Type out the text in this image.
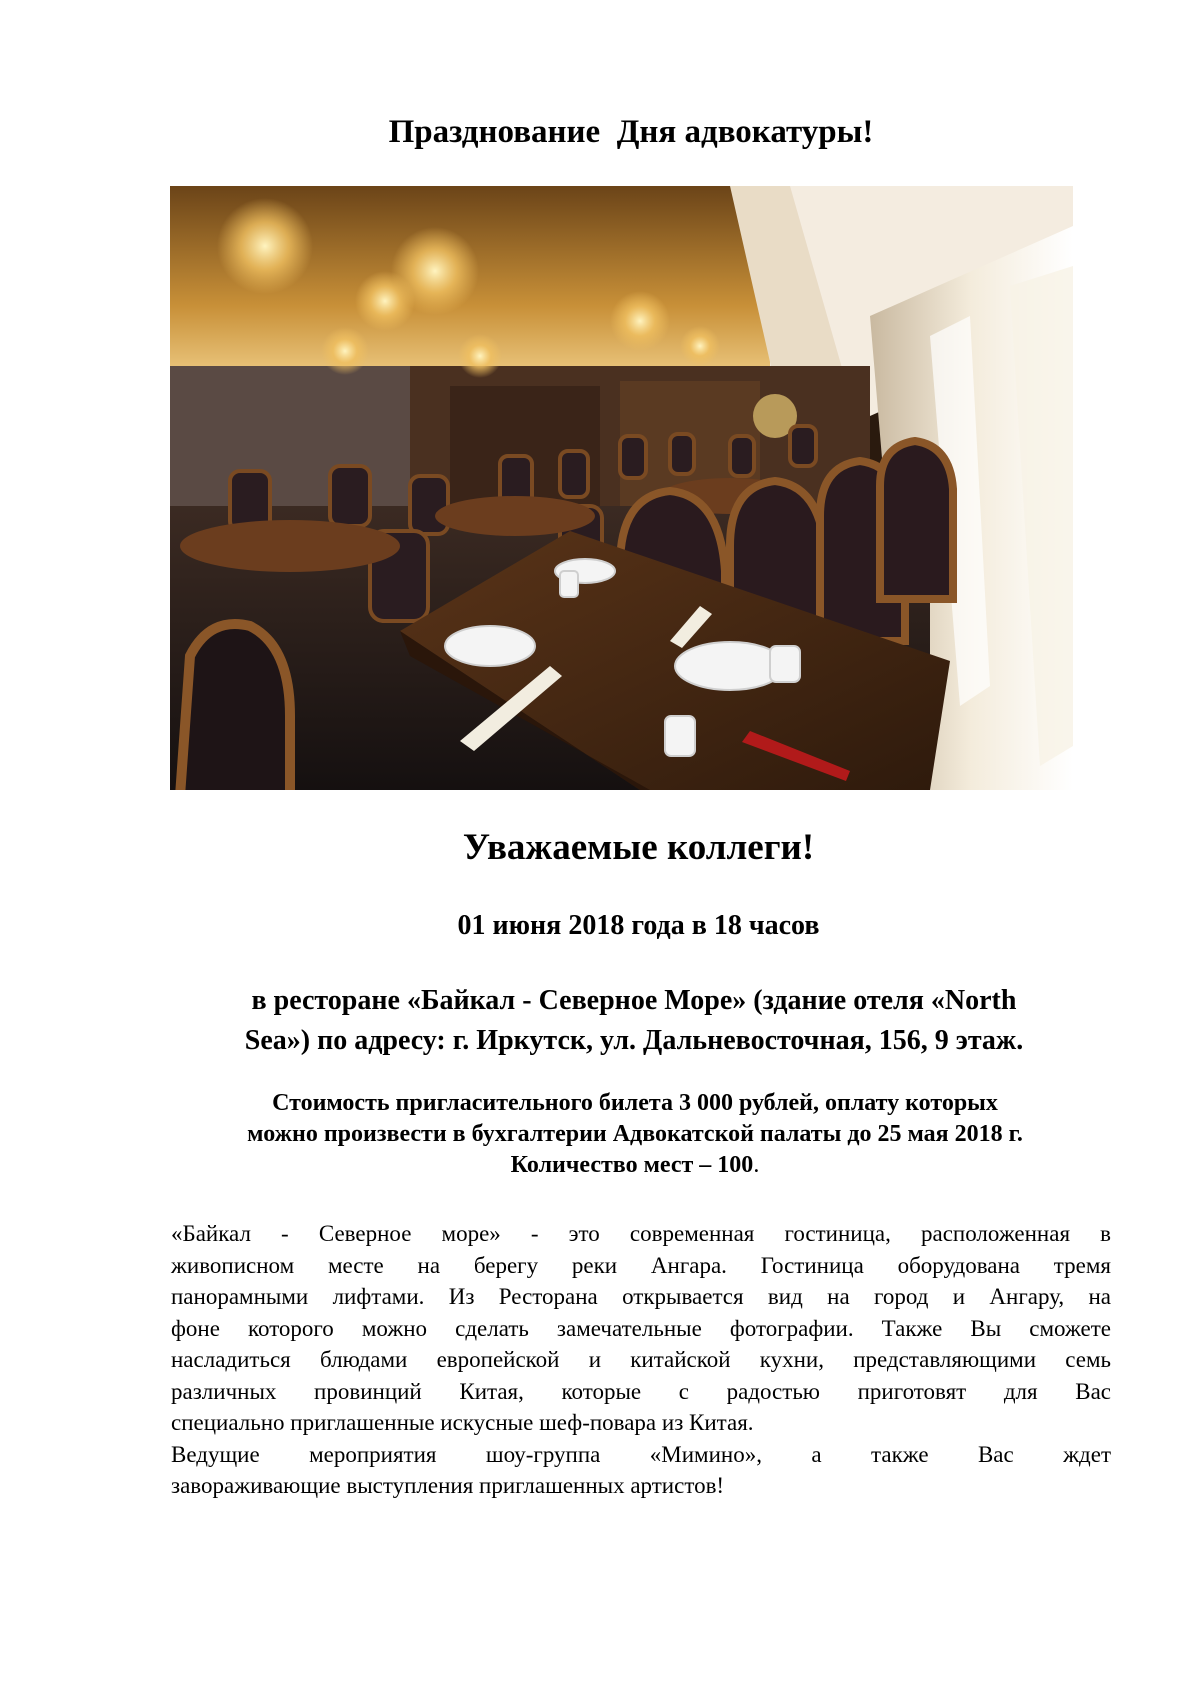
Празднование  Дня адвокатуры!
Уважаемые коллеги!

01 июня 2018 года в 18 часов

в ресторане «Байкал - Северное Море» (здание отеля «North
Sea») по адресу: г. Иркутск, ул. Дальневосточная, 156, 9 этаж.

Стоимость пригласительного билета 3 000 рублей, оплату которых
можно произвести в бухгалтерии Адвокатской палаты до 25 мая 2018 г.
Количество мест – 100.

«Байкал - Северное море» - это современная гостиница, расположенная в
живописном месте на берегу реки Ангара. Гостиница оборудована тремя
панорамными лифтами. Из Ресторана открывается вид на город и Ангару, на
фоне которого можно сделать замечательные фотографии. Также Вы сможете
насладиться блюдами европейской и китайской кухни, представляющими семь
различных провинций Китая, которые с радостью приготовят для Вас
специально приглашенные искусные шеф-повара из Китая.
Ведущие мероприятия шоу-группа «Мимино», а также Вас ждет
завораживающие выступления приглашенных артистов!
